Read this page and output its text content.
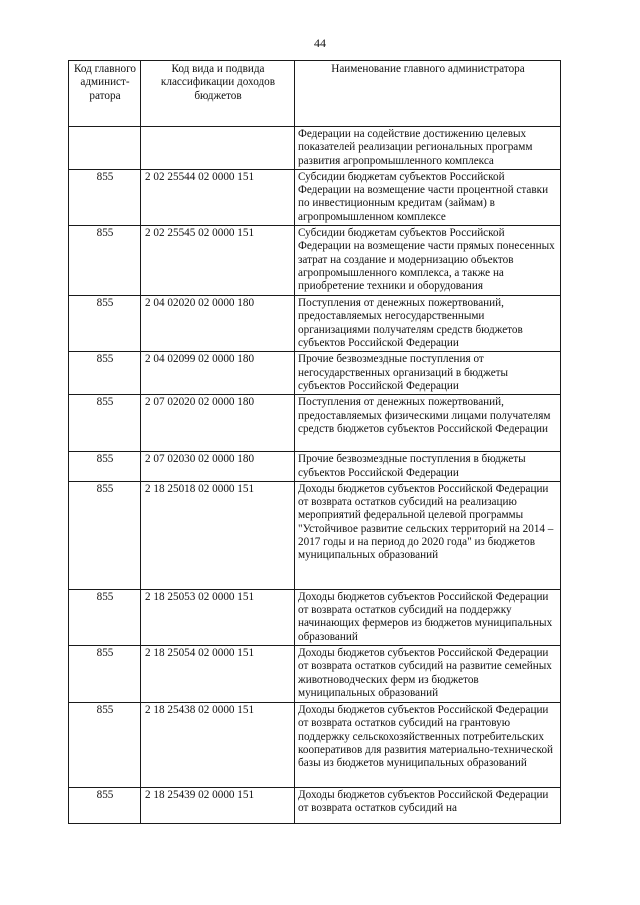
44
Код главного админист-ратора	Код вида и подвида классификации доходов бюджетов	Наименование главного администратора
		Федерации на содействие достижению целевых показателей реализации региональных программ развития агропромышленного комплекса
855	2 02 25544 02 0000 151	Субсидии бюджетам субъектов Российской Федерации на возмещение части процентной ставки по инвестиционным кредитам (займам) в агропромышленном комплексе
855	2 02 25545 02 0000 151	Субсидии бюджетам субъектов Российской Федерации на возмещение части прямых понесенных затрат на создание и модернизацию объектов агропромышленного комплекса, а также на приобретение техники и оборудования
855	2 04 02020 02 0000 180	Поступления от денежных пожертвований, предоставляемых негосударственными организациями получателям средств бюджетов субъектов Российской Федерации
855	2 04 02099 02 0000 180	Прочие безвозмездные поступления от негосударственных организаций в бюджеты субъектов Российской Федерации
855	2 07 02020 02 0000 180	Поступления от денежных пожертвований, предоставляемых физическими лицами получателям средств бюджетов субъектов Российской Федерации
855	2 07 02030 02 0000 180	Прочие безвозмездные поступления в бюджеты субъектов Российской Федерации
855	2 18 25018 02 0000 151	Доходы бюджетов субъектов Российской Федерации от возврата остатков субсидий на реализацию мероприятий федеральной целевой программы "Устойчивое развитие сельских территорий на 2014 – 2017 годы и на период до 2020 года" из бюджетов муниципальных образований
855	2 18 25053 02 0000 151	Доходы бюджетов субъектов Российской Федерации от возврата остатков субсидий на поддержку начинающих фермеров из бюджетов муниципальных образований
855	2 18 25054 02 0000 151	Доходы бюджетов субъектов Российской Федерации от возврата остатков субсидий на развитие семейных животноводческих ферм из бюджетов муниципальных образований
855	2 18 25438 02 0000 151	Доходы бюджетов субъектов Российской Федерации от возврата остатков субсидий на грантовую поддержку сельскохозяйственных потребительских кооперативов для развития материально-технической базы из бюджетов муниципальных образований
855	2 18 25439 02 0000 151	Доходы бюджетов субъектов Российской Федерации от возврата остатков субсидий на
